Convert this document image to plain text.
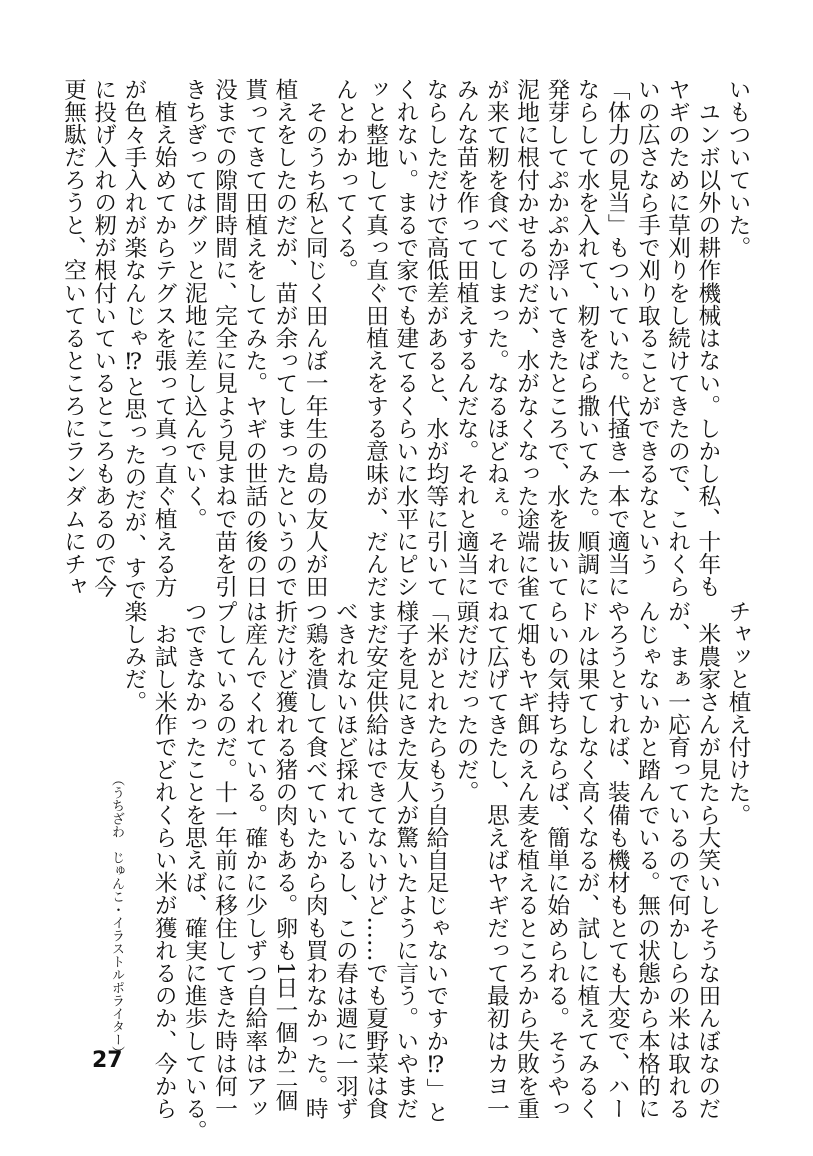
いもついていた。

　ユンボ以外の耕作機械はない。しかし私、十年も

ヤギのために草刈りをし続けてきたので、これくら

いの広さなら手で刈り取ることができるなという

「体力の見当」もついていた。代掻き一本で適当に

ならして水を入れて、籾をばら撒いてみた。順調に

発芽してぷかぷか浮いてきたところで、水を抜いて

泥地に根付かせるのだが、水がなくなった途端に雀

が来て籾を食べてしまった。なるほどねぇ。それで

みんな苗を作って田植えするんだな。それと適当に

ならしただけで高低差があると、水が均等に引いて

くれない。まるで家でも建てるくらいに水平にピシ

ッと整地して真っ直ぐ田植えをする意味が、だんだ

んとわかってくる。

　そのうち私と同じく田んぼ一年生の島の友人が田

植えをしたのだが、苗が余ってしまったというので

貰ってきて田植えをしてみた。ヤギの世話の後の日

没までの隙間時間に、完全に見よう見まねで苗を引

きちぎってはグッと泥地に差し込んでいく。

　植え始めてからテグスを張って真っ直ぐ植える方

が色々手入れが楽なんじゃ⁉と思ったのだが、すで

に投げ入れの籾が根付いているところもあるので今

更無駄だろうと、空いてるところにランダムにチャ

チャッと植え付けた。

　米農家さんが見たら大笑いしそうな田んぼなのだ

が、まぁ一応育っているので何かしらの米は取れる

んじゃないかと踏んでいる。無の状態から本格的に

やろうとすれば、装備も機材もとても大変で、ハー

ドルは果てしなく高くなるが、試しに植えてみるく

らいの気持ちならば、簡単に始められる。そうやっ

て畑もヤギ餌のえん麦を植えるところから失敗を重

ねて広げてきたし、思えばヤギだって最初はカヨ一

頭だけだったのだ。

「米がとれたらもう自給自足じゃないですか⁉」と

様子を見にきた友人が驚いたように言う。いやまだ

まだ安定供給はできてないけど……でも夏野菜は食

べきれないほど採れているし、この春は週に一羽ず

つ鶏を潰して食べていたから肉も買わなかった。時

折だけど獲れる猪の肉もある。卵も1日一個か二個

は産んでくれている。確かに少しずつ自給率はアッ

プしているのだ。十一年前に移住してきた時は何一

つできなかったことを思えば、確実に進歩している。

　お試し米作でどれくらい米が獲れるのか、今から

楽しみだ。

（うちざわ　じゅんこ・イラストルポライター）
27
